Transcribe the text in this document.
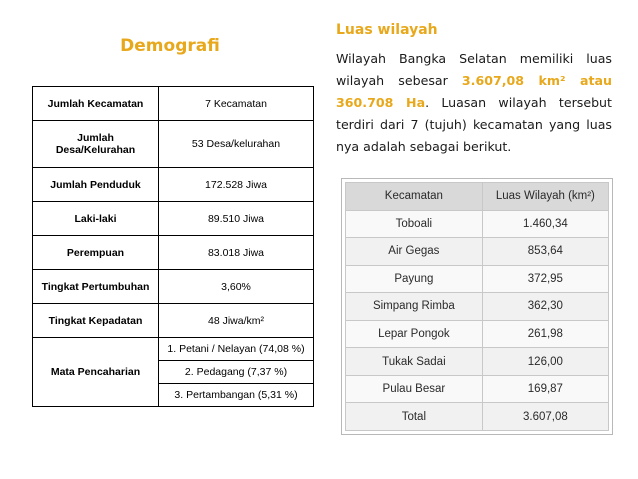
Demografi
Jumlah Kecamatan	7 Kecamatan
Jumlah
Desa/Kelurahan	53 Desa/kelurahan
Jumlah Penduduk	172.528 Jiwa
Laki-laki	89.510 Jiwa
Perempuan	83.018 Jiwa
Tingkat Pertumbuhan	3,60%
Tingkat Kepadatan	48 Jiwa/km²
Mata Pencaharian	1. Petani / Nelayan (74,08 %)
	2. Pedagang (7,37 %)
	3. Pertambangan (5,31 %)
Luas wilayah
Wilayah Bangka Selatan memiliki luas wilayah sebesar 3.607,08 km² atau 360.708 Ha. Luasan wilayah tersebut terdiri dari 7 (tujuh) kecamatan yang luas nya adalah sebagai berikut.
Kecamatan	Luas Wilayah (km²)
Toboali	1.460,34
Air Gegas	853,64
Payung	372,95
Simpang Rimba	362,30
Lepar Pongok	261,98
Tukak Sadai	126,00
Pulau Besar	169,87
Total	3.607,08
